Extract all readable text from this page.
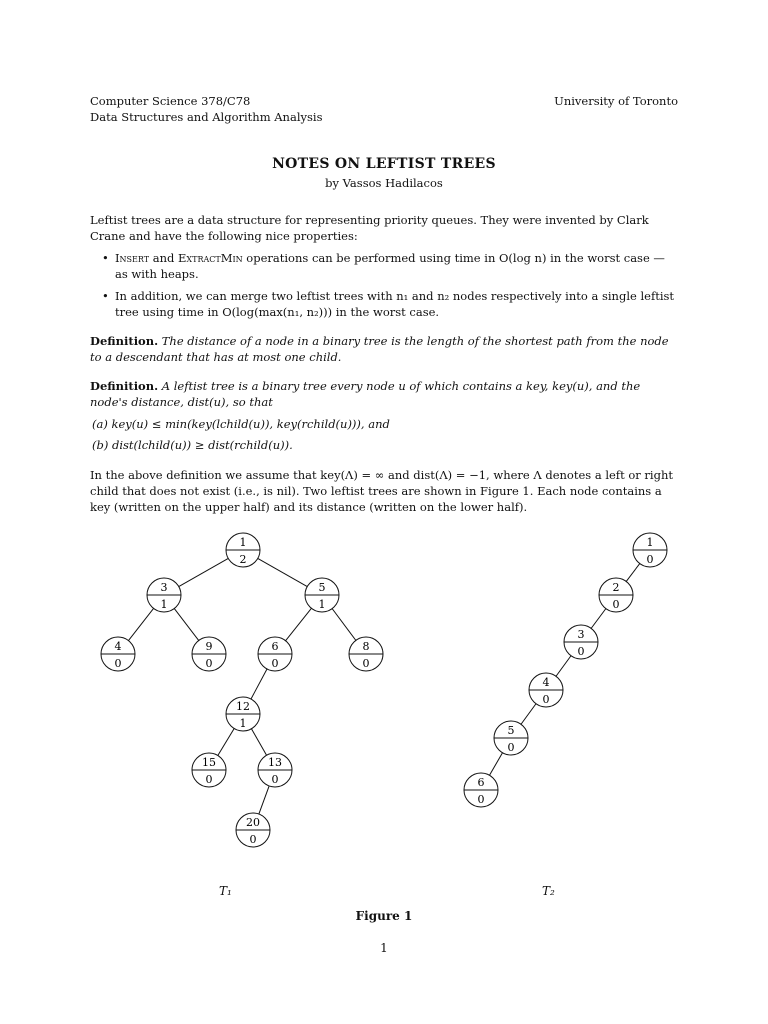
Computer Science 378/C78
Data Structures and Algorithm Analysis
University of Toronto
NOTES ON LEFTIST TREES
by Vassos Hadilacos
Leftist trees are a data structure for representing priority queues. They were invented by Clark Crane and have the following nice properties:
• Insert and ExtractMin operations can be performed using time in O(log n) in the worst case — as with heaps.
• In addition, we can merge two leftist trees with n₁ and n₂ nodes respectively into a single leftist tree using time in O(log(max(n₁, n₂))) in the worst case.
Definition. The distance of a node in a binary tree is the length of the shortest path from the node to a descendant that has at most one child.
Definition. A leftist tree is a binary tree every node u of which contains a key, key(u), and the node's distance, dist(u), so that
(a) key(u) ≤ min(key(lchild(u)), key(rchild(u))), and
(b) dist(lchild(u)) ≥ dist(rchild(u)).
In the above definition we assume that key(Λ) = ∞ and dist(Λ) = −1, where Λ denotes a left or right child that does not exist (i.e., is nil). Two leftist trees are shown in Figure 1. Each node contains a key (written on the upper half) and its distance (written on the lower half).
1
2
3
1
5
1
4
0
9
0
6
0
8
0
12
1
15
0
13
0
20
0
1
0
2
0
3
0
4
0
5
0
6
0
T₁	T₂
Figure 1
1
